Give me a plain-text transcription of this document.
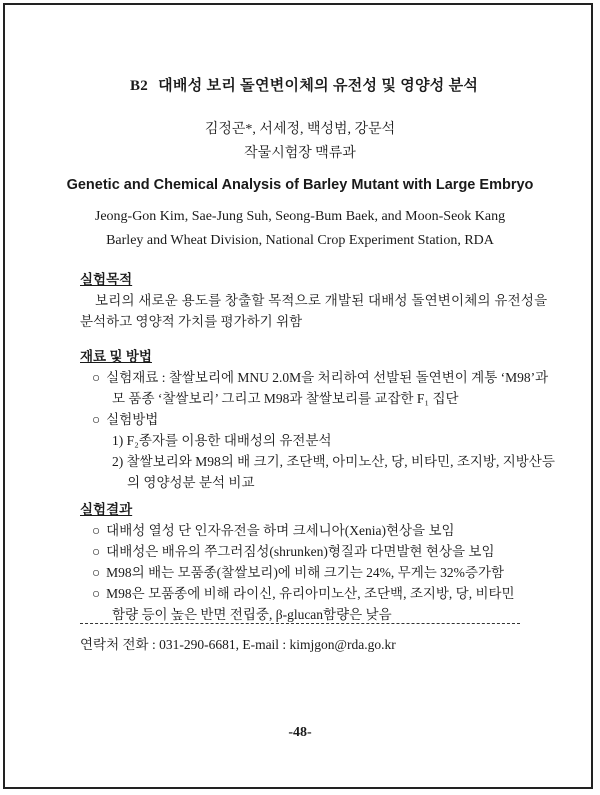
B2 대배성 보리 돌연변이체의 유전성 및 영양성 분석
김정곤*, 서세정, 백성범, 강문석
작물시험장 맥류과
Genetic and Chemical Analysis of Barley Mutant with Large Embryo
Jeong-Gon Kim, Sae-Jung Suh, Seong-Bum Baek, and Moon-Seok Kang
Barley and Wheat Division, National Crop Experiment Station, RDA
실험목적
보리의 새로운 용도를 창출할 목적으로 개발된 대배성 돌연변이체의 유전성을
분석하고 영양적 가치를 평가하기 위함
재료 및 방법
○ 실험재료 : 찰쌀보리에 MNU 2.0M을 처리하여 선발된 돌연변이 계통 ‘M98’과
모 품종 ‘찰쌀보리’ 그리고 M98과 찰쌀보리를 교잡한 F₁ 집단
○ 실험방법
1) F₂종자를 이용한 대배성의 유전분석
2) 찰쌀보리와 M98의 배 크기, 조단백, 아미노산, 당, 비타민, 조지방, 지방산등
의 영양성분 분석 비교
실험결과
○ 대배성 열성 단 인자유전을 하며 크세니아(Xenia)현상을 보임
○ 대배성은 배유의 쭈그러짐성(shrunken)형질과 다면발현 현상을 보임
○ M98의 배는 모품종(찰쌀보리)에 비해 크기는 24%, 무게는 32%증가함
○ M98은 모품종에 비해 라이신, 유리아미노산, 조단백, 조지방, 당, 비타민
함량 등이 높은 반면 전립중, β-glucan함량은 낮음
연락처 전화 : 031-290-6681, E-mail : kimjgon@rda.go.kr
-48-
